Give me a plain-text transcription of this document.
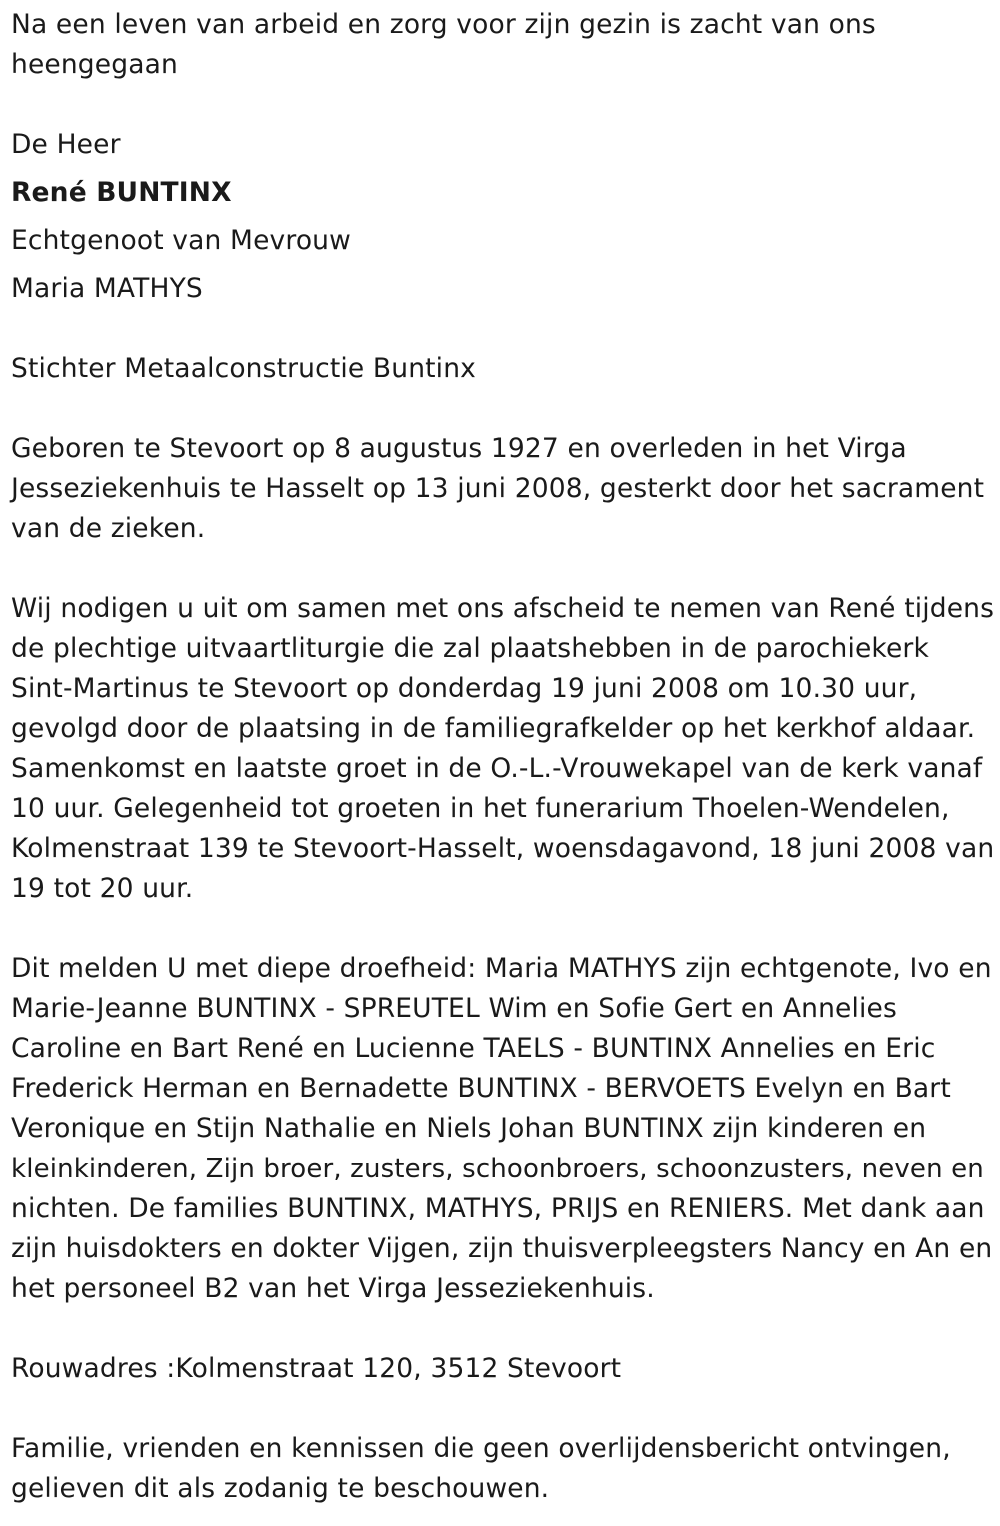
Na een leven van arbeid en zorg voor zijn gezin is zacht van ons
heengegaan
De Heer
René BUNTINX
Echtgenoot van Mevrouw
Maria MATHYS
Stichter Metaalconstructie Buntinx
Geboren te Stevoort op 8 augustus 1927 en overleden in het Virga
Jesseziekenhuis te Hasselt op 13 juni 2008, gesterkt door het sacrament
van de zieken.
Wij nodigen u uit om samen met ons afscheid te nemen van René tijdens
de plechtige uitvaartliturgie die zal plaatshebben in de parochiekerk
Sint-Martinus te Stevoort op donderdag 19 juni 2008 om 10.30 uur,
gevolgd door de plaatsing in de familiegrafkelder op het kerkhof aldaar.
Samenkomst en laatste groet in de O.-L.-Vrouwekapel van de kerk vanaf
10 uur. Gelegenheid tot groeten in het funerarium Thoelen-Wendelen,
Kolmenstraat 139 te Stevoort-Hasselt, woensdagavond, 18 juni 2008 van
19 tot 20 uur.
Dit melden U met diepe droefheid: Maria MATHYS zijn echtgenote, Ivo en
Marie-Jeanne BUNTINX - SPREUTEL Wim en Sofie Gert en Annelies
Caroline en Bart René en Lucienne TAELS - BUNTINX Annelies en Eric
Frederick Herman en Bernadette BUNTINX - BERVOETS Evelyn en Bart
Veronique en Stijn Nathalie en Niels Johan BUNTINX zijn kinderen en
kleinkinderen, Zijn broer, zusters, schoonbroers, schoonzusters, neven en
nichten. De families BUNTINX, MATHYS, PRIJS en RENIERS. Met dank aan
zijn huisdokters en dokter Vijgen, zijn thuisverpleegsters Nancy en An en
het personeel B2 van het Virga Jesseziekenhuis.
Rouwadres :Kolmenstraat 120, 3512 Stevoort
Familie, vrienden en kennissen die geen overlijdensbericht ontvingen,
gelieven dit als zodanig te beschouwen.
